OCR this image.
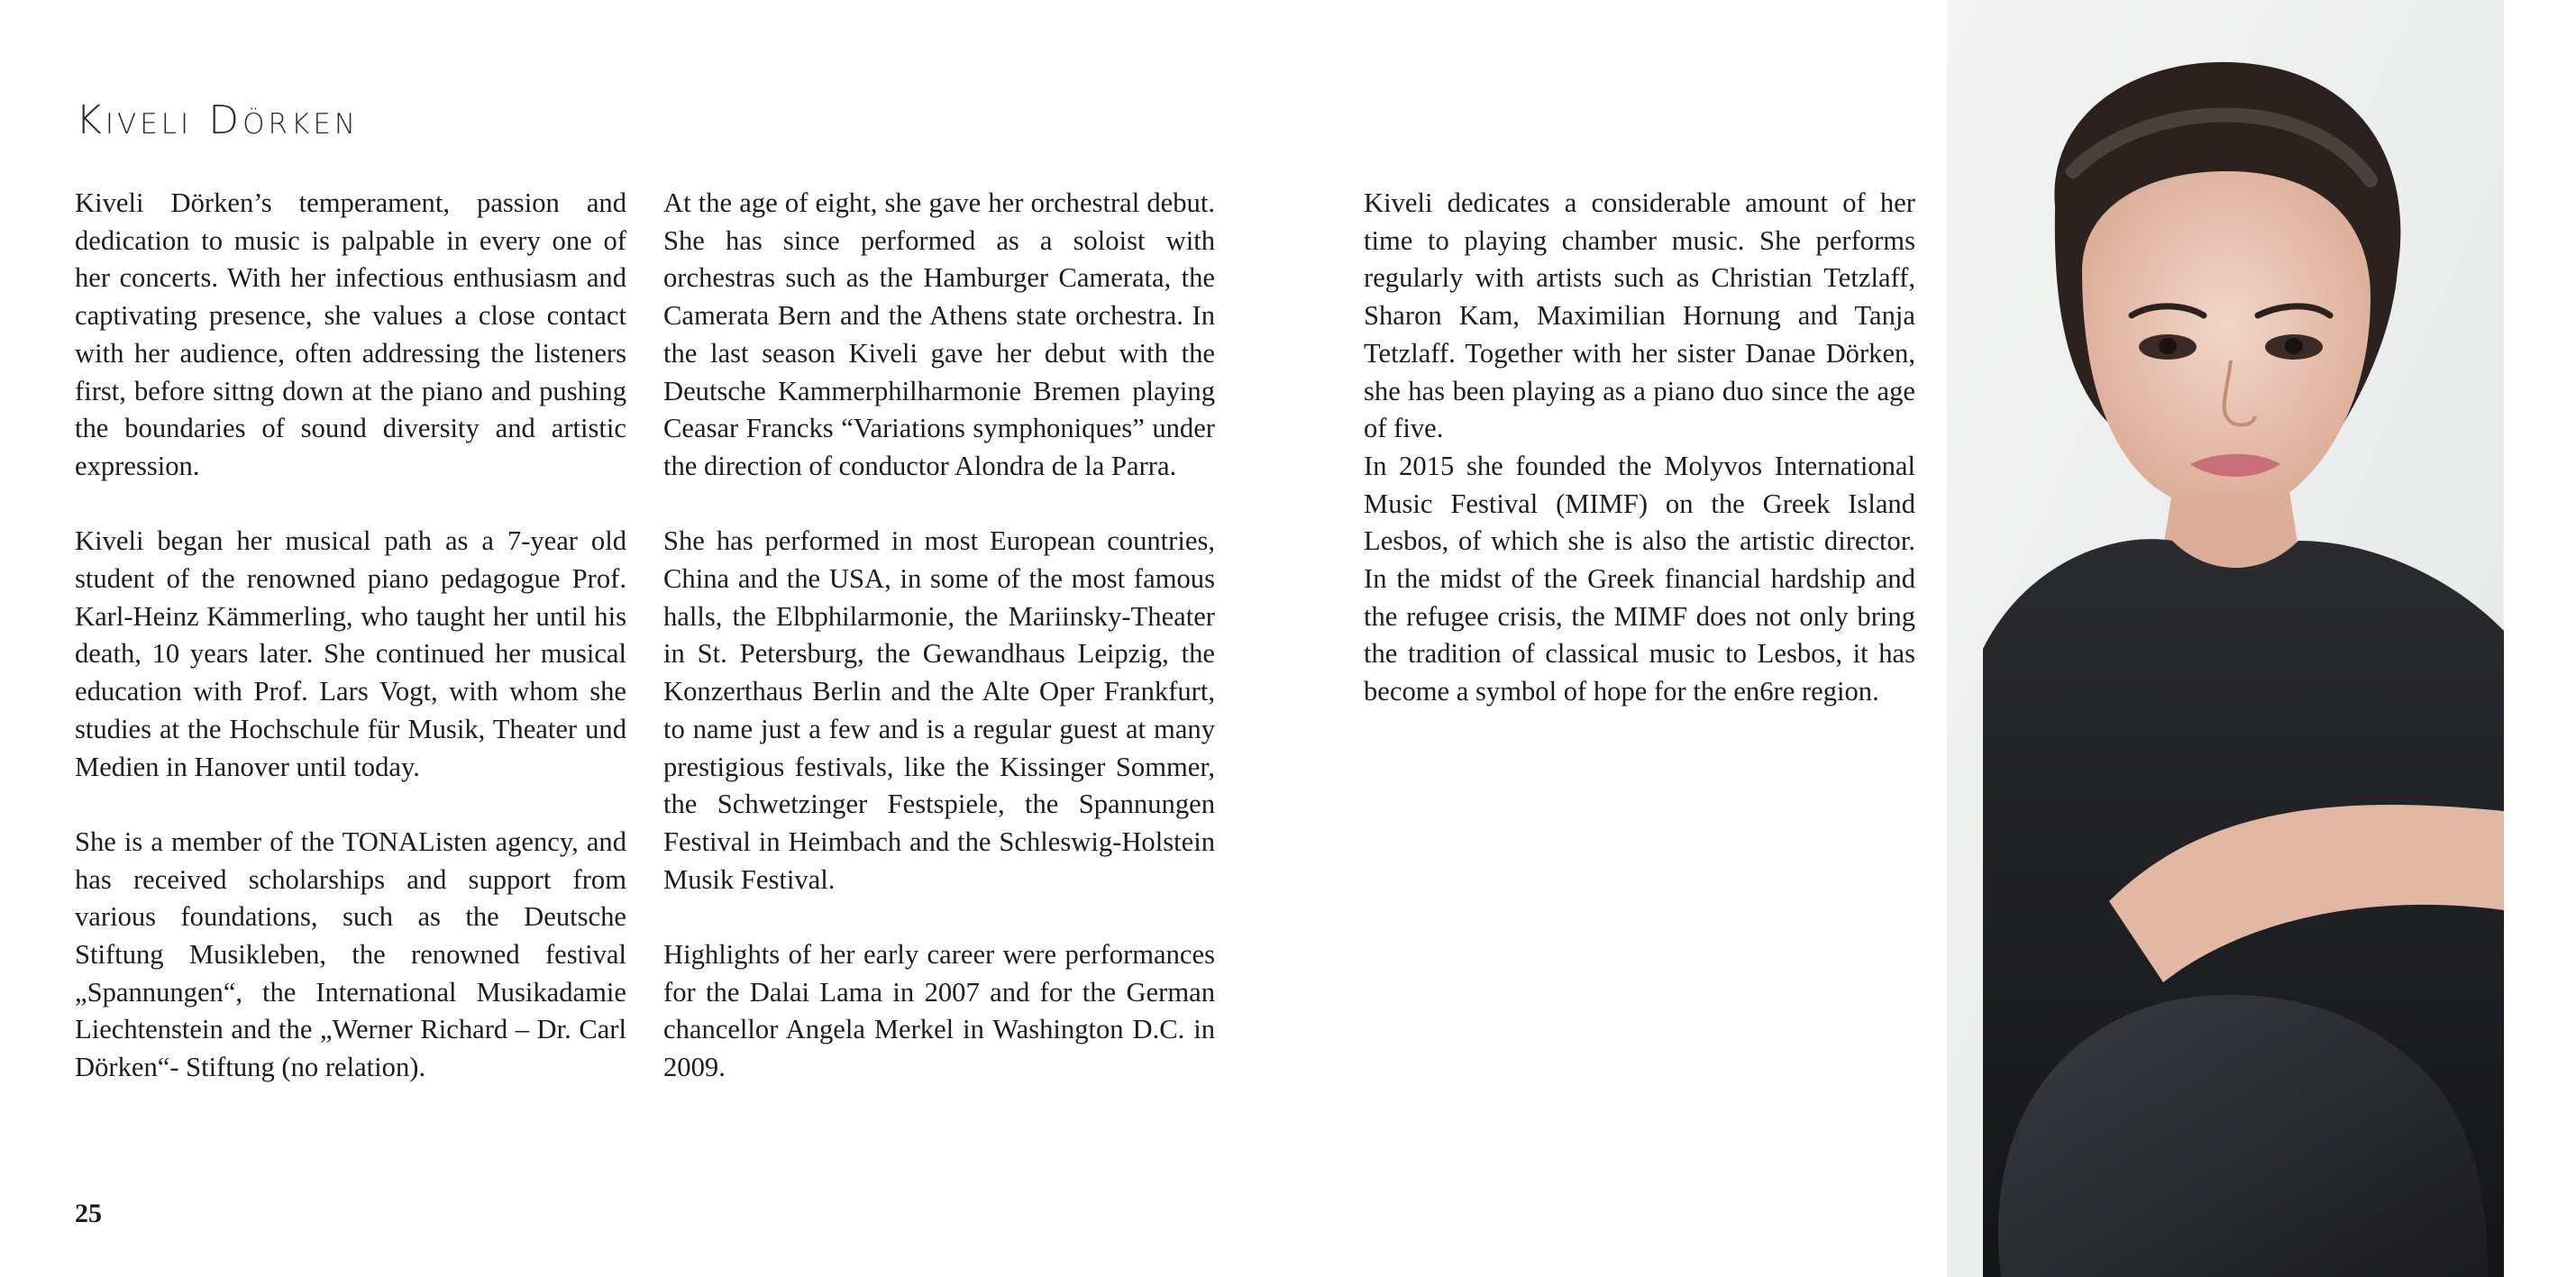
Kiveli Dörken

Kiveli Dörken’s temperament, passion and dedication to music is palpable in every one of her concerts. With her infectious enthusiasm and captivating presence, she values a close contact with her audience, often addressing the listeners first, before sittng down at the piano and pushing the boundaries of sound diversity and artistic expression.

Kiveli began her musical path as a 7-year old student of the renowned piano pedagogue Prof. Karl-Heinz Kämmerling, who taught her until his death, 10 years later. She continued her musical education with Prof. Lars Vogt, with whom she studies at the Hochschule für Musik, Theater und Medien in Hanover until today.

She is a member of the TONAListen agency, and has received scholarships and support from various foundations, such as the Deutsche Stiftung Musikleben, the renowned festival „Spannungen“, the International Musikadamie Liechtenstein and the „Werner Richard – Dr. Carl Dörken“- Stiftung (no relation).

At the age of eight, she gave her orchestral debut. She has since performed as a soloist with orchestras such as the Hamburger Camerata, the Camerata Bern and the Athens state orchestra. In the last season Kiveli gave her debut with the Deutsche Kammerphilharmonie Bremen playing Ceasar Francks “Variations symphoniques” under the direction of conductor Alondra de la Parra.

She has performed in most European countries, China and the USA, in some of the most famous halls, the Elbphilarmonie, the Mariinsky-Theater in St. Petersburg, the Gewandhaus Leipzig, the Konzerthaus Berlin and the Alte Oper Frankfurt, to name just a few and is a regular guest at many prestigious festivals, like the Kissinger Sommer, the Schwetzinger Festspiele, the Spannungen Festival in Heimbach and the Schleswig-Holstein Musik Festival.

Highlights of her early career were performances for the Dalai Lama in 2007 and for the German chancellor Angela Merkel in Washington D.C. in 2009.

Kiveli dedicates a considerable amount of her time to playing chamber music. She performs regularly with artists such as Christian Tetzlaff, Sharon Kam, Maximilian Hornung and Tanja Tetzlaff. Together with her sister Danae Dörken, she has been playing as a piano duo since the age of five.

In 2015 she founded the Molyvos International Music Festival (MIMF) on the Greek Island Lesbos, of which she is also the artistic director. In the midst of the Greek financial hardship and the refugee crisis, the MIMF does not only bring the tradition of classical music to Lesbos, it has become a symbol of hope for the en6re region.

25
